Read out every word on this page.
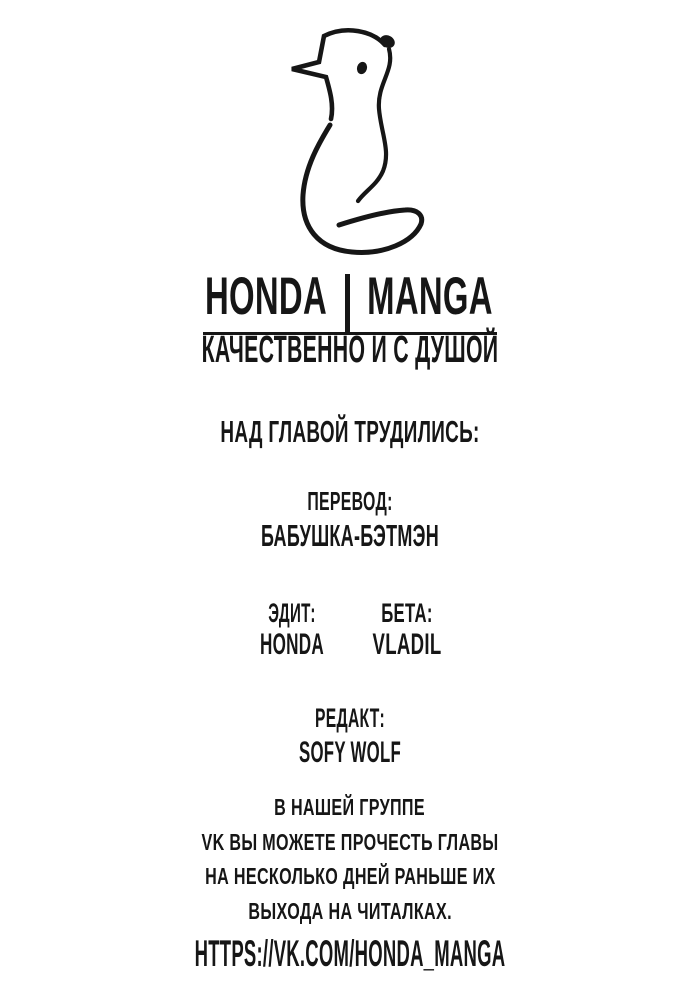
HONDA MANGA
КАЧЕСТВЕННО И С ДУШОЙ
НАД ГЛАВОЙ ТРУДИЛИСЬ:
ПЕРЕВОД:
БАБУШКА-БЭТМЭН
ЭДИТ:	БЕТА:
HONDA	VLADIL
РЕДАКТ:
SOFY WOLF
В НАШЕЙ ГРУППЕ
VK ВЫ МОЖЕТЕ ПРОЧЕСТЬ ГЛАВЫ
НА НЕСКОЛЬКО ДНЕЙ РАНЬШЕ ИХ
ВЫХОДА НА ЧИТАЛКАХ.
HTTPS://VK.COM/HONDA_MANGA
